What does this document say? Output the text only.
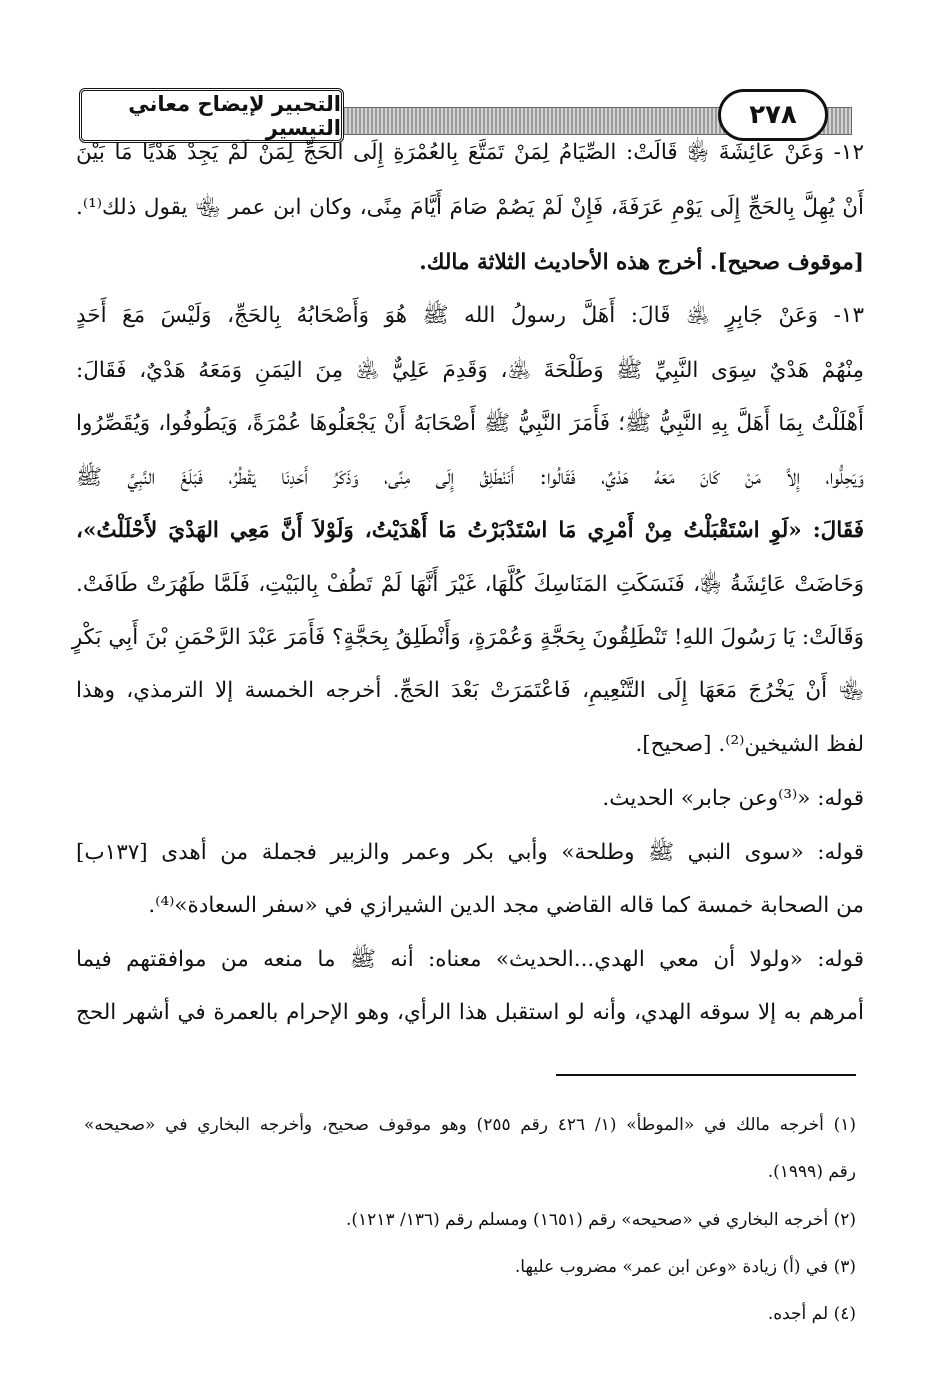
التحبير لإيضاح معاني التيسير	٢٧٨
١٢- وَعَنْ عَائِشَةَ ﵂ قَالَتْ: الصِّيَامُ لِمَنْ تَمَتَّعَ بِالعُمْرَةِ إِلَى الحَجِّ لِمَنْ لَمْ يَجِدْ هَدْيًا مَا بَيْنَ
أَنْ يُهِلَّ بِالحَجِّ إِلَى يَوْمِ عَرَفَةَ، فَإِنْ لَمْ يَصُمْ صَامَ أَيَّامَ مِنًى، وكان ابن عمر ﵄ يقول ذلك⁽¹⁾.
[موقوف صحيح]. أخرج هذه الأحاديث الثلاثة مالك.
١٣- وَعَنْ جَابِرٍ ﵁ قَالَ: أَهَلَّ رسولُ الله ﷺ هُوَ وَأَصْحَابُهُ بِالحَجِّ، وَلَيْسَ مَعَ أَحَدٍ
مِنْهُمْ هَدْيٌ سِوَى النَّبِيِّ ﷺ وَطَلْحَةَ ﵁، وَقَدِمَ عَلِيٌّ ﵁ مِنَ اليَمَنِ وَمَعَهُ هَدْيٌ، فَقَالَ:
أَهْلَلْتُ بِمَا أَهَلَّ بِهِ النَّبِيُّ ﷺ؛ فَأَمَرَ النَّبِيُّ ﷺ أَصْحَابَهُ أَنْ يَجْعَلُوهَا عُمْرَةً، وَيَطُوفُوا، وَيُقَصِّرُوا
وَيَحِلُّوا، إِلاَّ مَنْ كَانَ مَعَهُ هَدْيٌ، فَقَالُوا: أَنَنْطَلِقُ إِلَى مِنًى، وَذَكَرُ أَحَدِنَا يَقْطُرُ، فَبَلَغَ النَّبِيَّ ﷺ
فَقَالَ: «لَوِ اسْتَقْبَلْتُ مِنْ أَمْرِي مَا اسْتَدْبَرْتُ مَا أَهْدَيْتُ، وَلَوْلاَ أَنَّ مَعِي الهَدْيَ لأَحْلَلْتُ»،
وَحَاضَتْ عَائِشَةُ ﵂، فَنَسَكَتِ المَنَاسِكَ كُلَّهَا، غَيْرَ أَنَّهَا لَمْ تَطُفْ بِالبَيْتِ، فَلَمَّا طَهُرَتْ طَافَتْ.
وَقَالَتْ: يَا رَسُولَ اللهِ! تَنْطَلِقُونَ بِحَجَّةٍ وَعُمْرَةٍ، وَأَنْطَلِقُ بِحَجَّةٍ؟ فَأَمَرَ عَبْدَ الرَّحْمَنِ بْنَ أَبِي بَكْرٍ
﵄ أَنْ يَخْرُجَ مَعَهَا إِلَى التَّنْعِيمِ، فَاعْتَمَرَتْ بَعْدَ الحَجِّ. أخرجه الخمسة إلا الترمذي، وهذا
لفظ الشيخين⁽²⁾. [صحيح].
قوله: «⁽³⁾وعن جابر» الحديث.
قوله: «سوى النبي ﷺ وطلحة» وأبي بكر وعمر والزبير فجملة من أهدى [١٣٧ب]
من الصحابة خمسة كما قاله القاضي مجد الدين الشيرازي في «سفر السعادة»⁽⁴⁾.
قوله: «ولولا أن معي الهدي...الحديث» معناه: أنه ﷺ ما منعه من موافقتهم فيما
أمرهم به إلا سوقه الهدي، وأنه لو استقبل هذا الرأي، وهو الإحرام بالعمرة في أشهر الحج
(١) أخرجه مالك في «الموطأ» (١/ ٤٢٦ رقم ٢٥٥) وهو موقوف صحيح، وأخرجه البخاري في «صحيحه»
رقم (١٩٩٩).
(٢) أخرجه البخاري في «صحيحه» رقم (١٦٥١) ومسلم رقم (١٣٦/ ١٢١٣).
(٣) في (أ) زيادة «وعن ابن عمر» مضروب عليها.
(٤) لم أجده.
